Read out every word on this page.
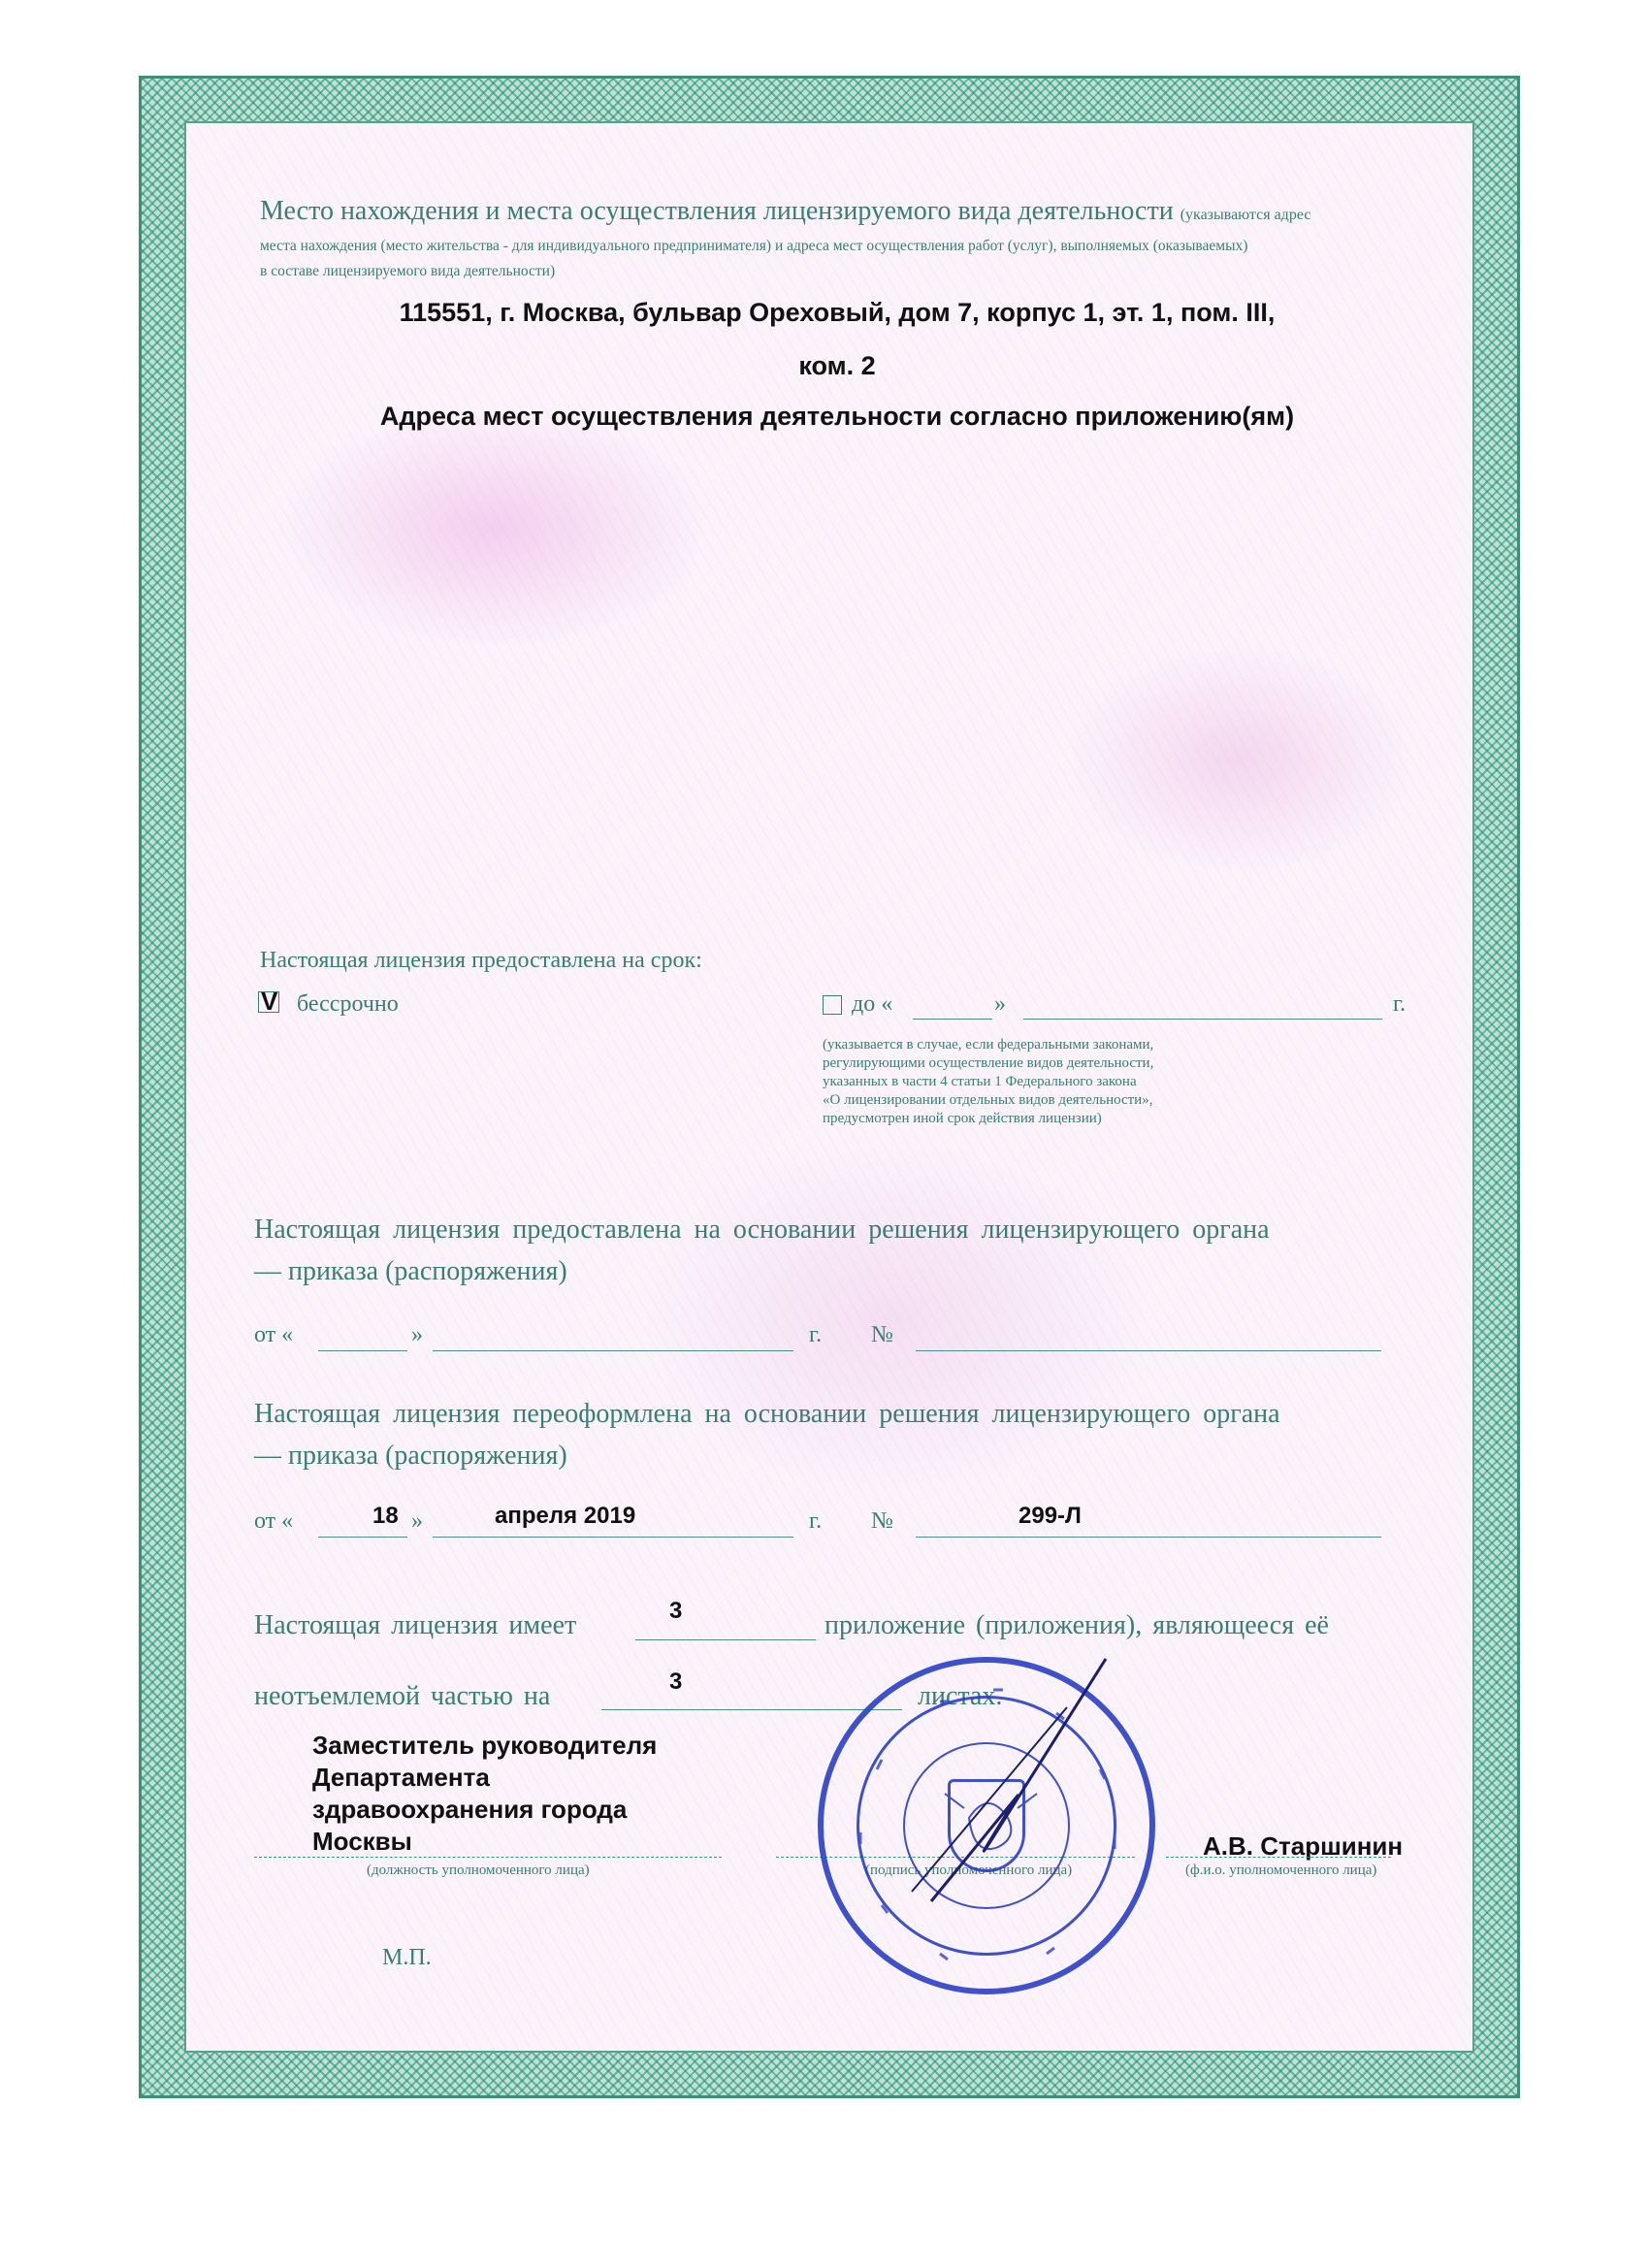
Место нахождения и места осуществления лицензируемого вида деятельности (указываются адрес
места нахождения (место жительства - для индивидуального предпринимателя) и адреса мест осуществления работ (услуг), выполняемых (оказываемых)
в составе лицензируемого вида деятельности)
115551, г. Москва, бульвар Ореховый, дом 7, корпус 1, эт. 1, пом. III,
ком. 2
Адреса мест осуществления деятельности согласно приложению(ям)
Настоящая лицензия предоставлена на срок:
V бессрочно	до «	»	г.
(указывается в случае, если федеральными законами,
регулирующими осуществление видов деятельности,
указанных в части 4 статьи 1 Федерального закона
«О лицензировании отдельных видов деятельности»,
предусмотрен иной срок действия лицензии)
Настоящая лицензия предоставлена на основании решения лицензирующего органа
— приказа (распоряжения)
от «	»	г. №
Настоящая лицензия переоформлена на основании решения лицензирующего органа
— приказа (распоряжения)
от «	18 »	апреля 2019	г. №	299-Л
Настоящая лицензия имеет	3	приложение (приложения), являющееся её
неотъемлемой частью на	3	листах.
Заместитель руководителя
Департамента
здравоохранения города
Москвы
(должность уполномоченного лица)	(подпись уполномоченного лица)
А.В. Старшинин
(ф.и.о. уполномоченного лица)
М.П.
